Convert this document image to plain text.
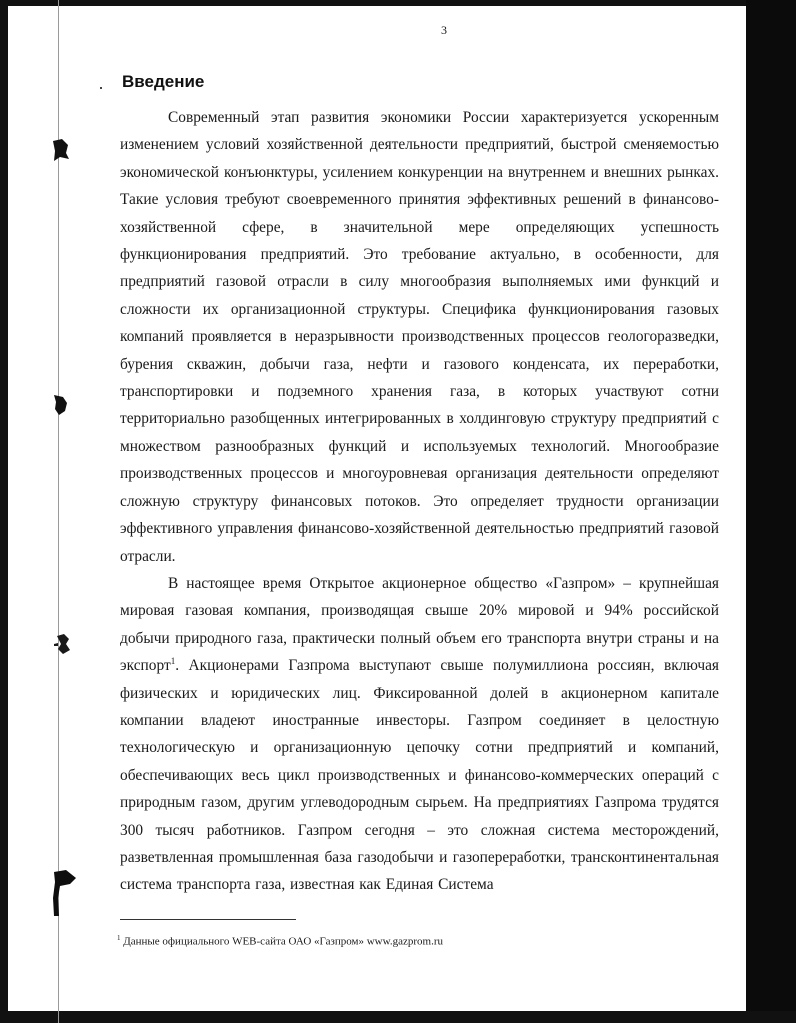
3
Введение

Современный этап развития экономики России характеризуется ускоренным изменением условий хозяйственной деятельности предприятий, быстрой сменяемостью экономической конъюнктуры, усилением конкуренции на внутреннем и внешних рынках. Такие условия требуют своевременного принятия эффективных решений в финансово-хозяйственной сфере, в значительной мере определяющих успешность функционирования предприятий. Это требование актуально, в особенности, для предприятий газовой отрасли в силу многообразия выполняемых ими функций и сложности их организационной структуры. Специфика функционирования газовых компаний проявляется в неразрывности производственных процессов геологоразведки, бурения скважин, добычи газа, нефти и газового конденсата, их переработки, транспортировки и подземного хранения газа, в которых участвуют сотни территориально разобщенных интегрированных в холдинговую структуру предприятий с множеством разнообразных функций и используемых технологий. Многообразие производственных процессов и многоуровневая организация деятельности определяют сложную структуру финансовых потоков. Это определяет трудности организации эффективного управления финансово-хозяйственной деятельностью предприятий газовой отрасли.

В настоящее время Открытое акционерное общество «Газпром» – крупнейшая мировая газовая компания, производящая свыше 20% мировой и 94% российской добычи природного газа, практически полный объем его транспорта внутри страны и на экспорт$^1$. Акционерами Газпрома выступают свыше полумиллиона россиян, включая физических и юридических лиц. Фиксированной долей в акционерном капитале компании владеют иностранные инвесторы. Газпром соединяет в целостную технологическую и организационную цепочку сотни предприятий и компаний, обеспечивающих весь цикл производственных и финансово-коммерческих операций с природным газом, другим углеводородным сырьем. На предприятиях Газпрома трудятся 300 тысяч работников. Газпром сегодня – это сложная система месторождений, разветвленная промышленная база газодобычи и газопереработки, трансконтинентальная система транспорта газа, известная как Единая Система

$^1$ Данные официального WEB-сайта ОАО «Газпром» www.gazprom.ru
